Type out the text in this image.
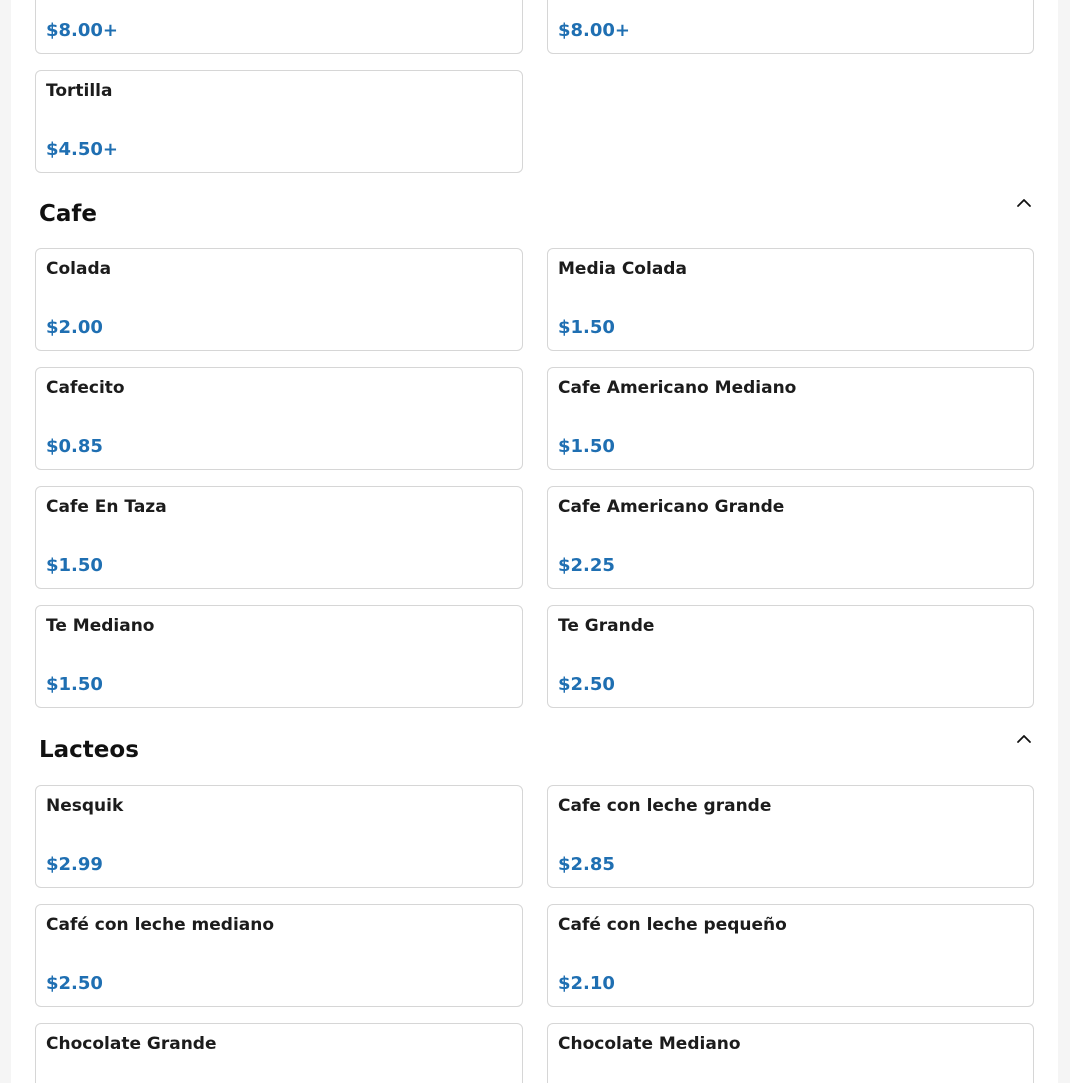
$8.00+	$8.00+
Tortilla
$4.50+
Cafe
Colada
$2.00
Media Colada
$1.50
Cafecito
$0.85
Cafe Americano Mediano
$1.50
Cafe En Taza
$1.50
Cafe Americano Grande
$2.25
Te Mediano
$1.50
Te Grande
$2.50
Lacteos
Nesquik
$2.99
Cafe con leche grande
$2.85
Café con leche mediano
$2.50
Café con leche pequeño
$2.10
Chocolate Grande	Chocolate Mediano
